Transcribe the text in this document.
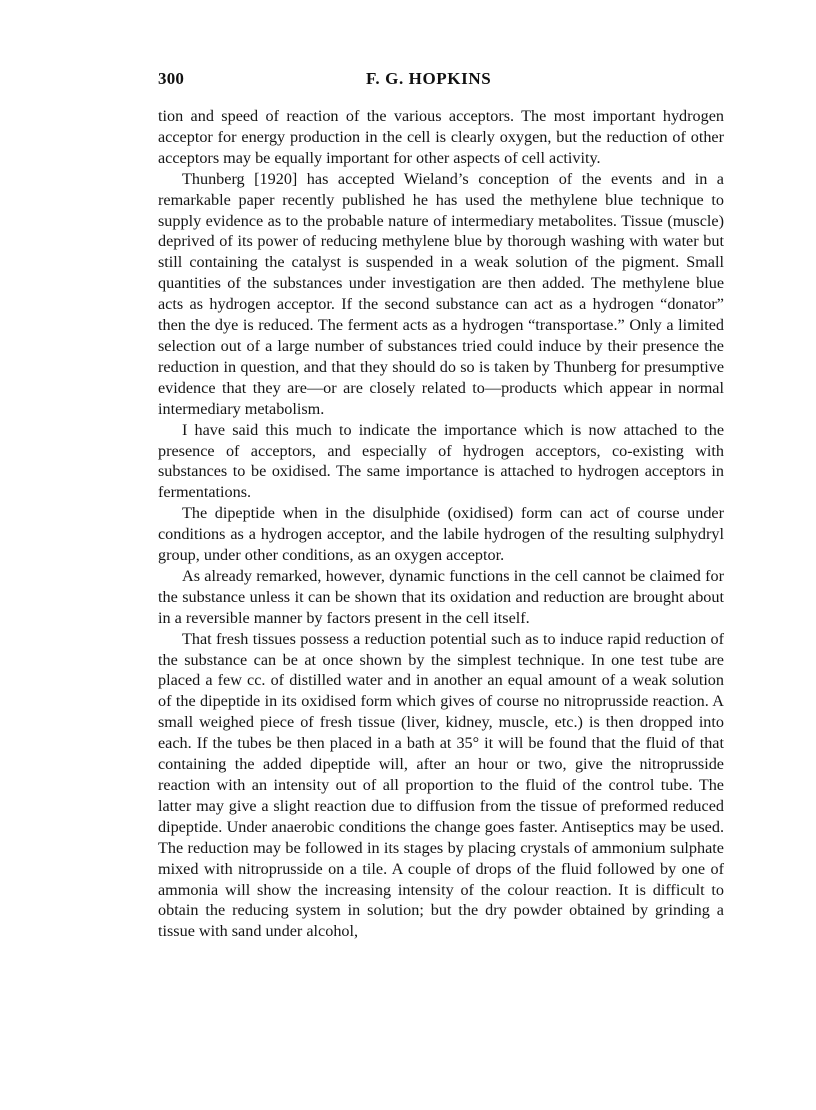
300	F. G. HOPKINS

tion and speed of reaction of the various acceptors. The most important hydrogen acceptor for energy production in the cell is clearly oxygen, but the reduction of other acceptors may be equally important for other aspects of cell activity.

Thunberg [1920] has accepted Wieland’s conception of the events and in a remarkable paper recently published he has used the methylene blue technique to supply evidence as to the probable nature of intermediary metabolites. Tissue (muscle) deprived of its power of reducing methylene blue by thorough washing with water but still containing the catalyst is suspended in a weak solution of the pigment. Small quantities of the substances under investigation are then added. The methylene blue acts as hydrogen acceptor. If the second substance can act as a hydrogen “donator” then the dye is reduced. The ferment acts as a hydrogen “transportase.” Only a limited selection out of a large number of substances tried could induce by their presence the reduction in question, and that they should do so is taken by Thunberg for presumptive evidence that they are—or are closely related to—products which appear in normal intermediary metabolism.

I have said this much to indicate the importance which is now attached to the presence of acceptors, and especially of hydrogen acceptors, co-existing with substances to be oxidised. The same importance is attached to hydrogen acceptors in fermentations.

The dipeptide when in the disulphide (oxidised) form can act of course under conditions as a hydrogen acceptor, and the labile hydrogen of the resulting sulphydryl group, under other conditions, as an oxygen acceptor.

As already remarked, however, dynamic functions in the cell cannot be claimed for the substance unless it can be shown that its oxidation and reduction are brought about in a reversible manner by factors present in the cell itself.

That fresh tissues possess a reduction potential such as to induce rapid reduction of the substance can be at once shown by the simplest technique. In one test tube are placed a few cc. of distilled water and in another an equal amount of a weak solution of the dipeptide in its oxidised form which gives of course no nitroprusside reaction. A small weighed piece of fresh tissue (liver, kidney, muscle, etc.) is then dropped into each. If the tubes be then placed in a bath at 35° it will be found that the fluid of that containing the added dipeptide will, after an hour or two, give the nitroprusside reaction with an intensity out of all proportion to the fluid of the control tube. The latter may give a slight reaction due to diffusion from the tissue of preformed reduced dipeptide. Under anaerobic conditions the change goes faster. Antiseptics may be used. The reduction may be followed in its stages by placing crystals of ammonium sulphate mixed with nitroprusside on a tile. A couple of drops of the fluid followed by one of ammonia will show the increasing intensity of the colour reaction. It is difficult to obtain the reducing system in solution; but the dry powder obtained by grinding a tissue with sand under alcohol,
